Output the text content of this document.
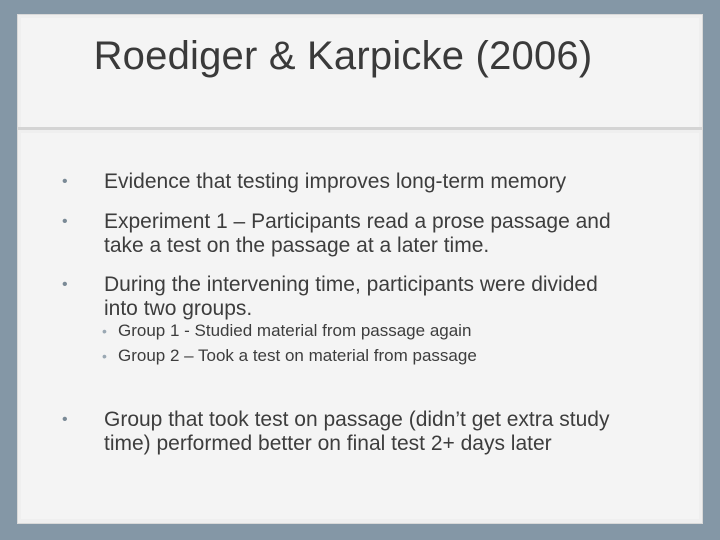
Roediger & Karpicke (2006)
• Evidence that testing improves long-term memory
• Experiment 1 – Participants read a prose passage and
take a test on the passage at a later time.
• During the intervening time, participants were divided
into two groups.
• Group 1 - Studied material from passage again
• Group 2 – Took a test on material from passage
• Group that took test on passage (didn’t get extra study
time) performed better on final test 2+ days later
